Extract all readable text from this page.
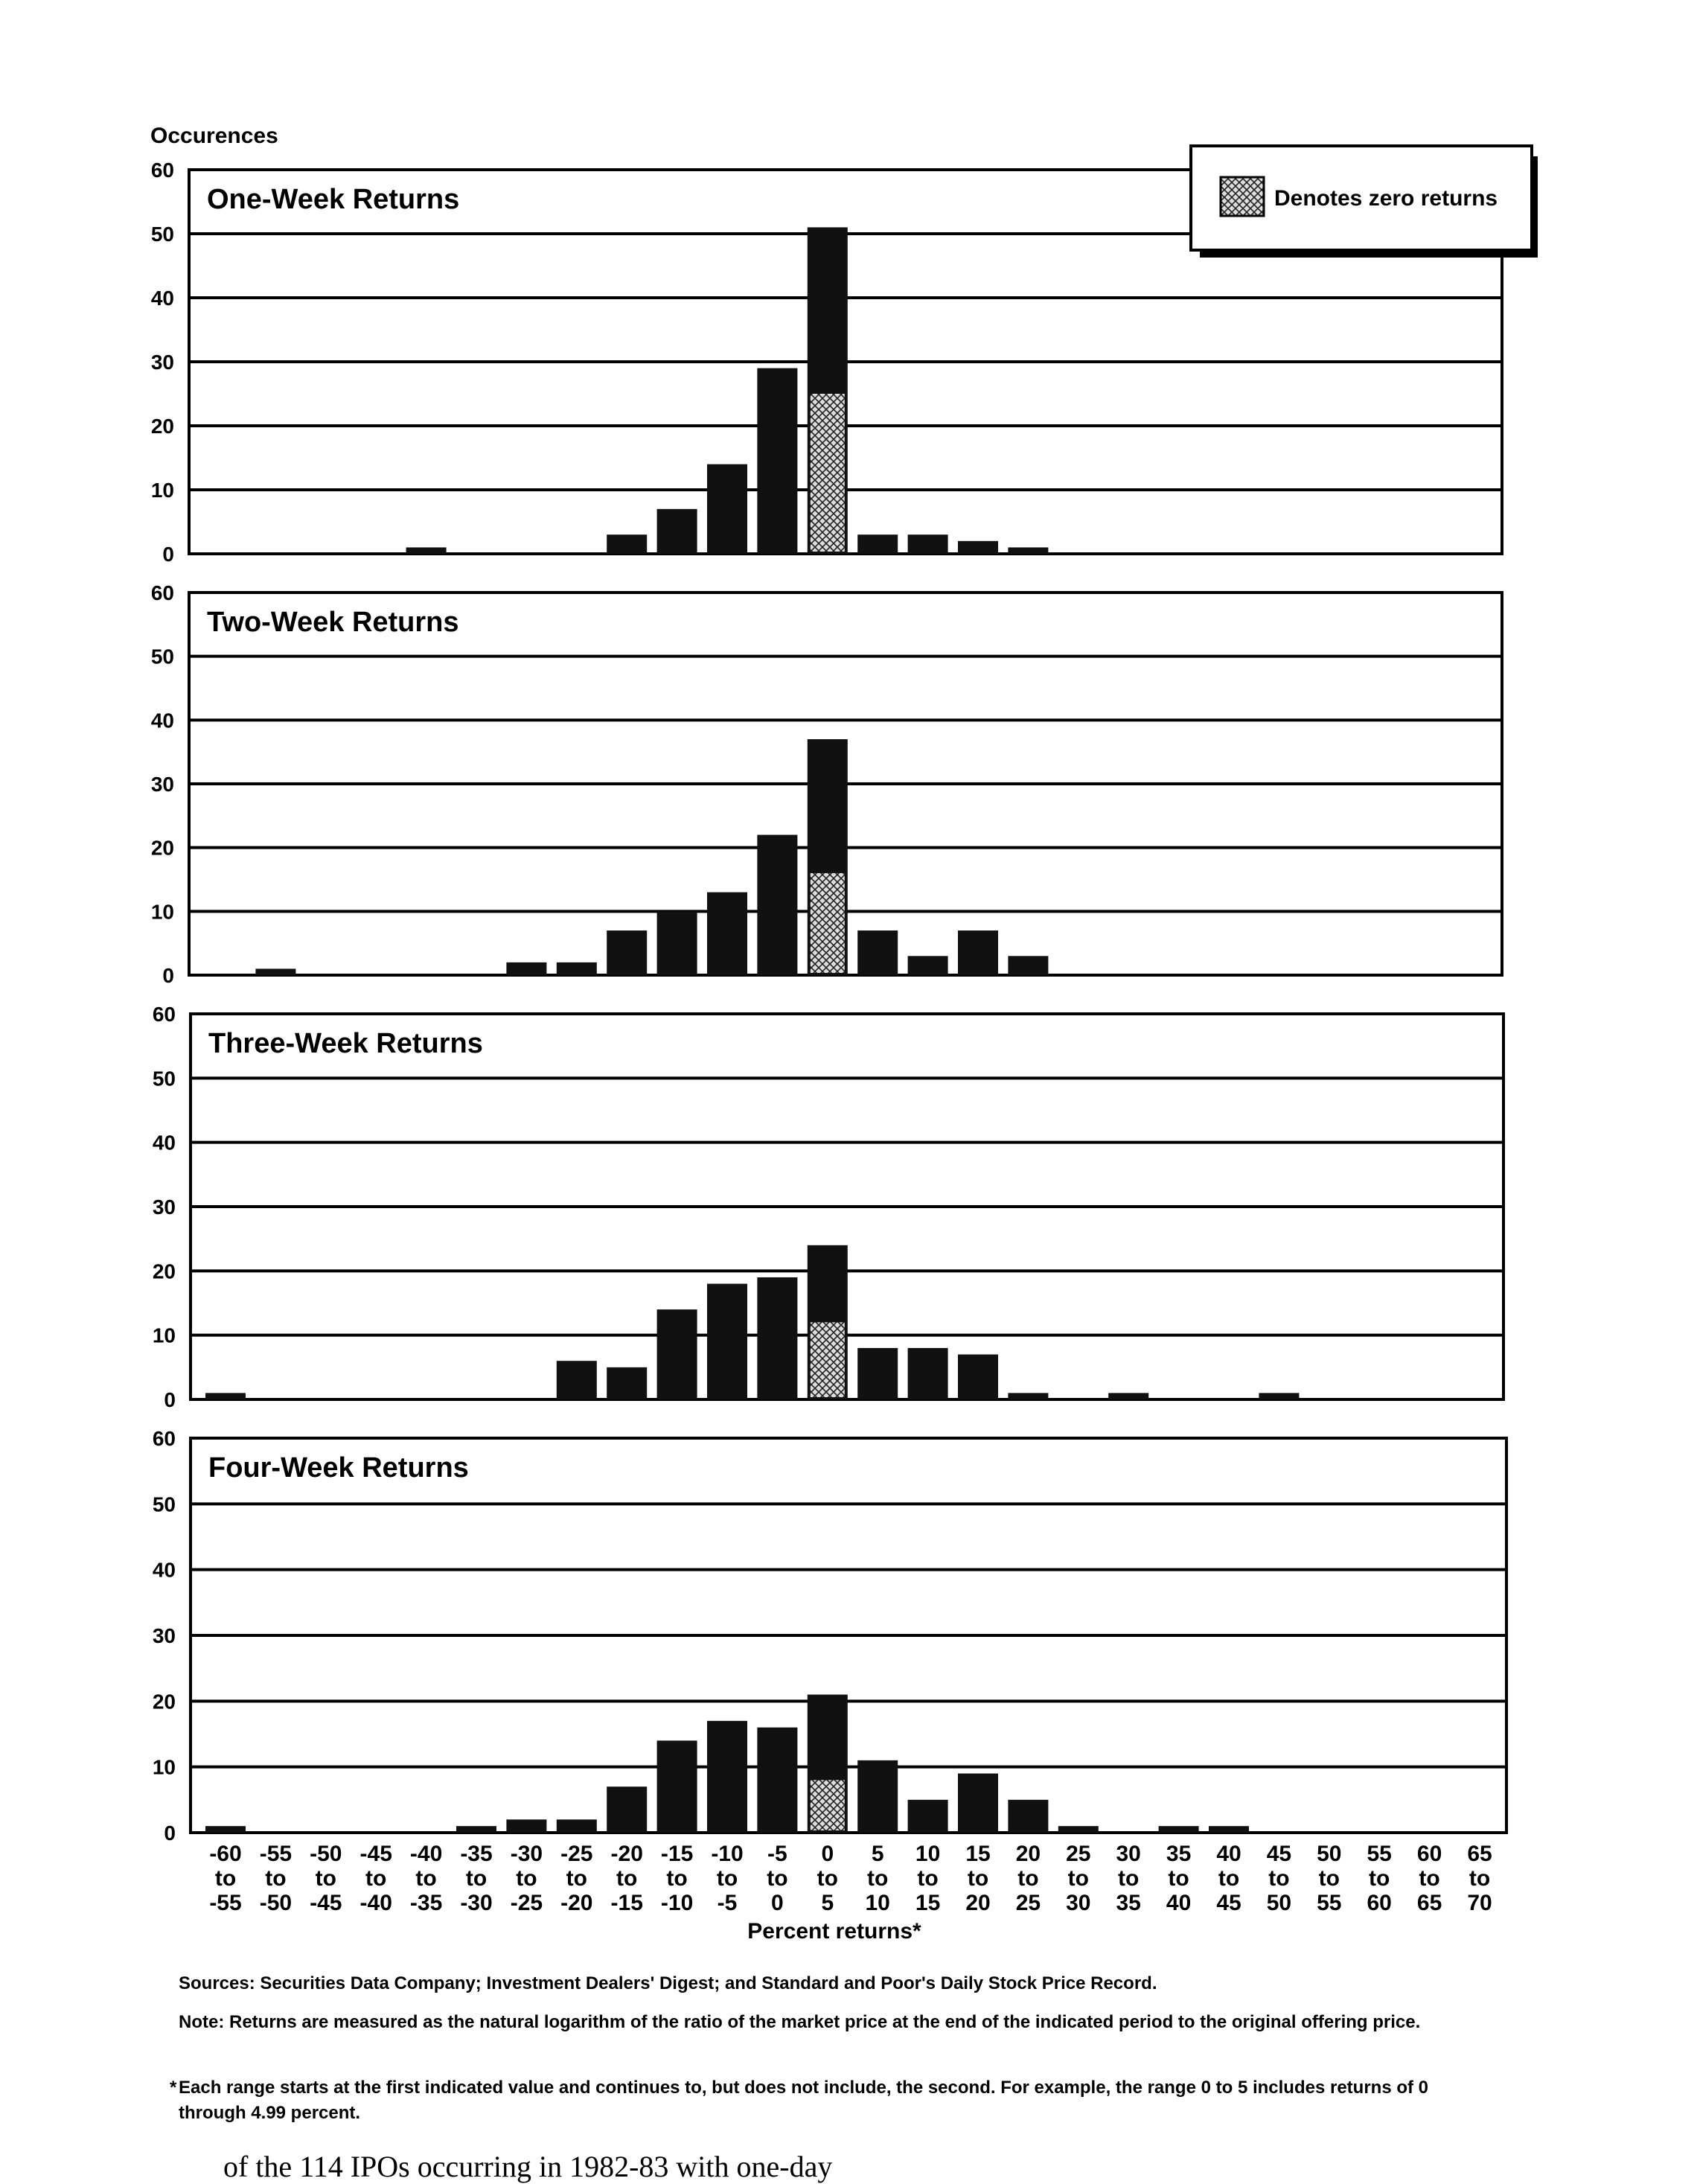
Occurences
0
10
20
30
40
50
60
One-Week Returns
0
10
20
30
40
50
60
Two-Week Returns
0
10
20
30
40
50
60
Three-Week Returns
0
10
20
30
40
50
60
Four-Week Returns
-60
to
-55
-55
to
-50
-50
to
-45
-45
to
-40
-40
to
-35
-35
to
-30
-30
to
-25
-25
to
-20
-20
to
-15
-15
to
-10
-10
to
-5
-5
to
0
0
to
5
5
to
10
10
to
15
15
to
20
20
to
25
25
to
30
30
to
35
35
to
40
40
to
45
45
to
50
50
to
55
55
to
60
60
to
65
65
to
70
Percent returns*
Denotes zero returns

Sources: Securities Data Company; Investment Dealers' Digest; and Standard and Poor's Daily Stock Price Record.

Note: Returns are measured as the natural logarithm of the ratio of the market price at the end of the indicated period to the original offering price.

* Each range starts at the first indicated value and continues to, but does not include, the second. For example, the range 0 to 5 includes returns of 0 through 4.99 percent.

of the 114 IPOs occurring in 1982-83 with one-day
